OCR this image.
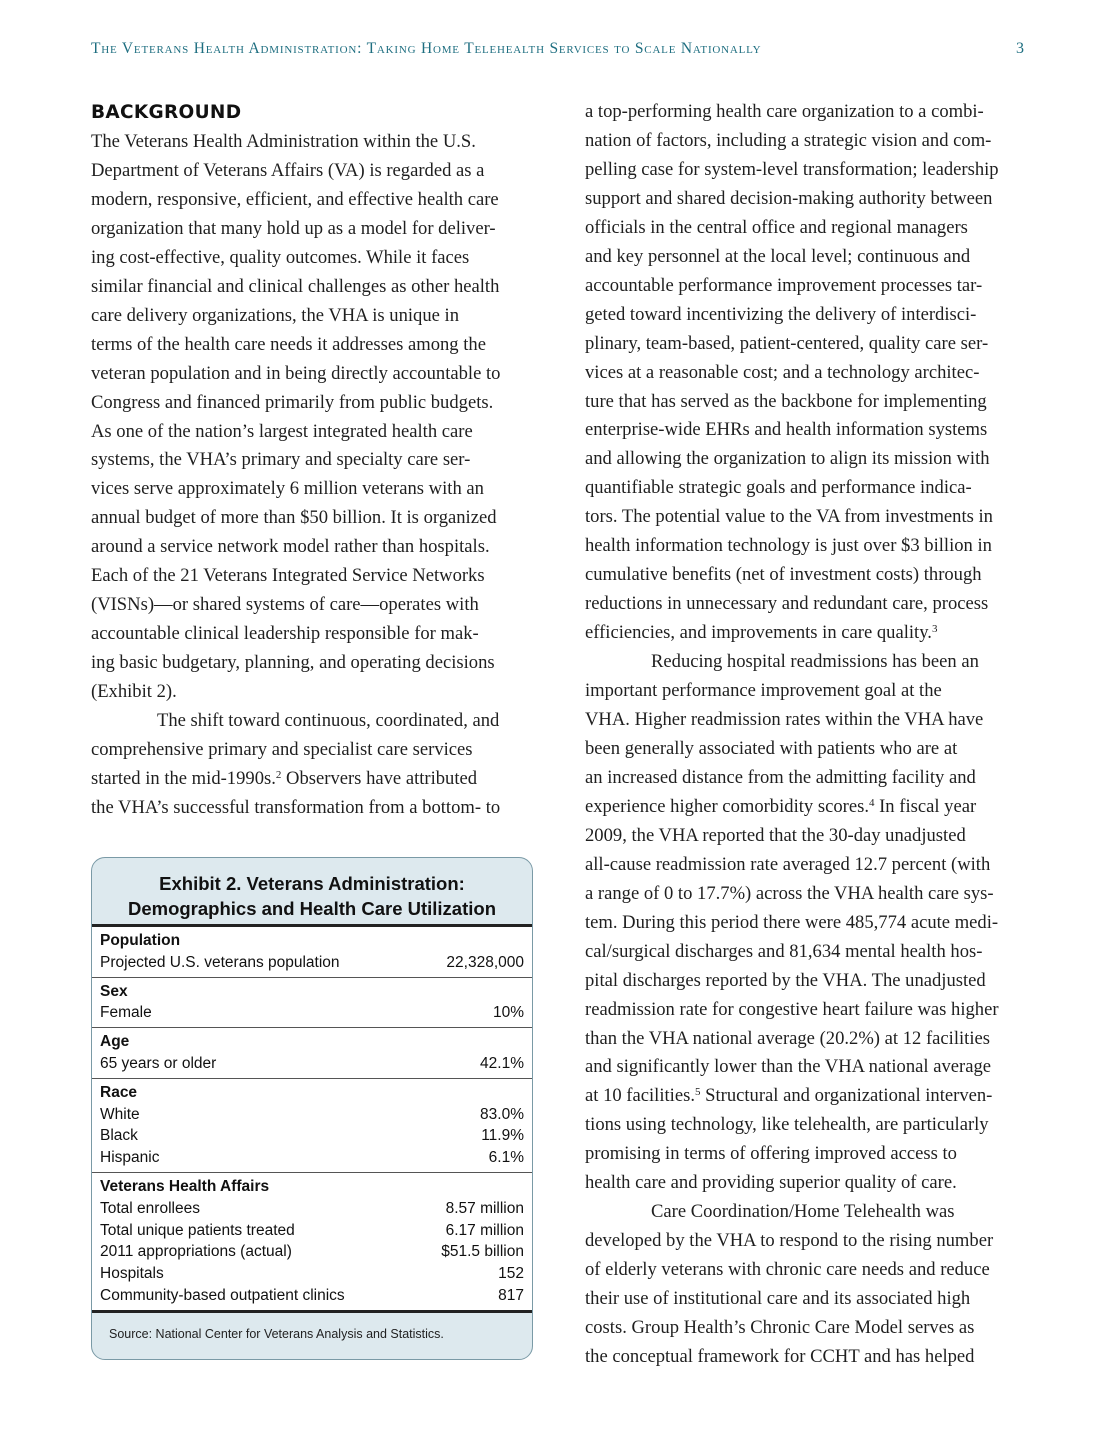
The Veterans Health Administration: Taking Home Telehealth Services to Scale Nationally	3
BACKGROUND

The Veterans Health Administration within the U.S.
Department of Veterans Affairs (VA) is regarded as a
modern, responsive, efficient, and effective health care
organization that many hold up as a model for deliver-
ing cost-effective, quality outcomes. While it faces
similar financial and clinical challenges as other health
care delivery organizations, the VHA is unique in
terms of the health care needs it addresses among the
veteran population and in being directly accountable to
Congress and financed primarily from public budgets.
As one of the nation’s largest integrated health care
systems, the VHA’s primary and specialty care ser-
vices serve approximately 6 million veterans with an
annual budget of more than $50 billion. It is organized
around a service network model rather than hospitals.
Each of the 21 Veterans Integrated Service Networks
(VISNs)—or shared systems of care—operates with
accountable clinical leadership responsible for mak-
ing basic budgetary, planning, and operating decisions
(Exhibit 2).

The shift toward continuous, coordinated, and
comprehensive primary and specialist care services
started in the mid-1990s.$^2$ Observers have attributed
the VHA’s successful transformation from a bottom- to

a top-performing health care organization to a combi-
nation of factors, including a strategic vision and com-
pelling case for system-level transformation; leadership
support and shared decision-making authority between
officials in the central office and regional managers
and key personnel at the local level; continuous and
accountable performance improvement processes tar-
geted toward incentivizing the delivery of interdisci-
plinary, team-based, patient-centered, quality care ser-
vices at a reasonable cost; and a technology architec-
ture that has served as the backbone for implementing
enterprise-wide EHRs and health information systems
and allowing the organization to align its mission with
quantifiable strategic goals and performance indica-
tors. The potential value to the VA from investments in
health information technology is just over $3 billion in
cumulative benefits (net of investment costs) through
reductions in unnecessary and redundant care, process
efficiencies, and improvements in care quality.$^3$

Reducing hospital readmissions has been an
important performance improvement goal at the
VHA. Higher readmission rates within the VHA have
been generally associated with patients who are at
an increased distance from the admitting facility and
experience higher comorbidity scores.$^4$ In fiscal year
2009, the VHA reported that the 30-day unadjusted
all-cause readmission rate averaged 12.7 percent (with
a range of 0 to 17.7%) across the VHA health care sys-
tem. During this period there were 485,774 acute medi-
cal/surgical discharges and 81,634 mental health hos-
pital discharges reported by the VHA. The unadjusted
readmission rate for congestive heart failure was higher
than the VHA national average (20.2%) at 12 facilities
and significantly lower than the VHA national average
at 10 facilities.$^5$ Structural and organizational interven-
tions using technology, like telehealth, are particularly
promising in terms of offering improved access to
health care and providing superior quality of care.

Care Coordination/Home Telehealth was
developed by the VHA to respond to the rising number
of elderly veterans with chronic care needs and reduce
their use of institutional care and its associated high
costs. Group Health’s Chronic Care Model serves as
the conceptual framework for CCHT and has helped

Exhibit 2. Veterans Administration:
Demographics and Health Care Utilization
Population
Projected U.S. veterans population	22,328,000
Sex
Female	10%
Age
65 years or older	42.1%
Race
White	83.0%
Black	11.9%
Hispanic	6.1%
Veterans Health Affairs
Total enrollees	8.57 million
Total unique patients treated	6.17 million
2011 appropriations (actual)	$51.5 billion
Hospitals	152
Community-based outpatient clinics	817
Source: National Center for Veterans Analysis and Statistics.
